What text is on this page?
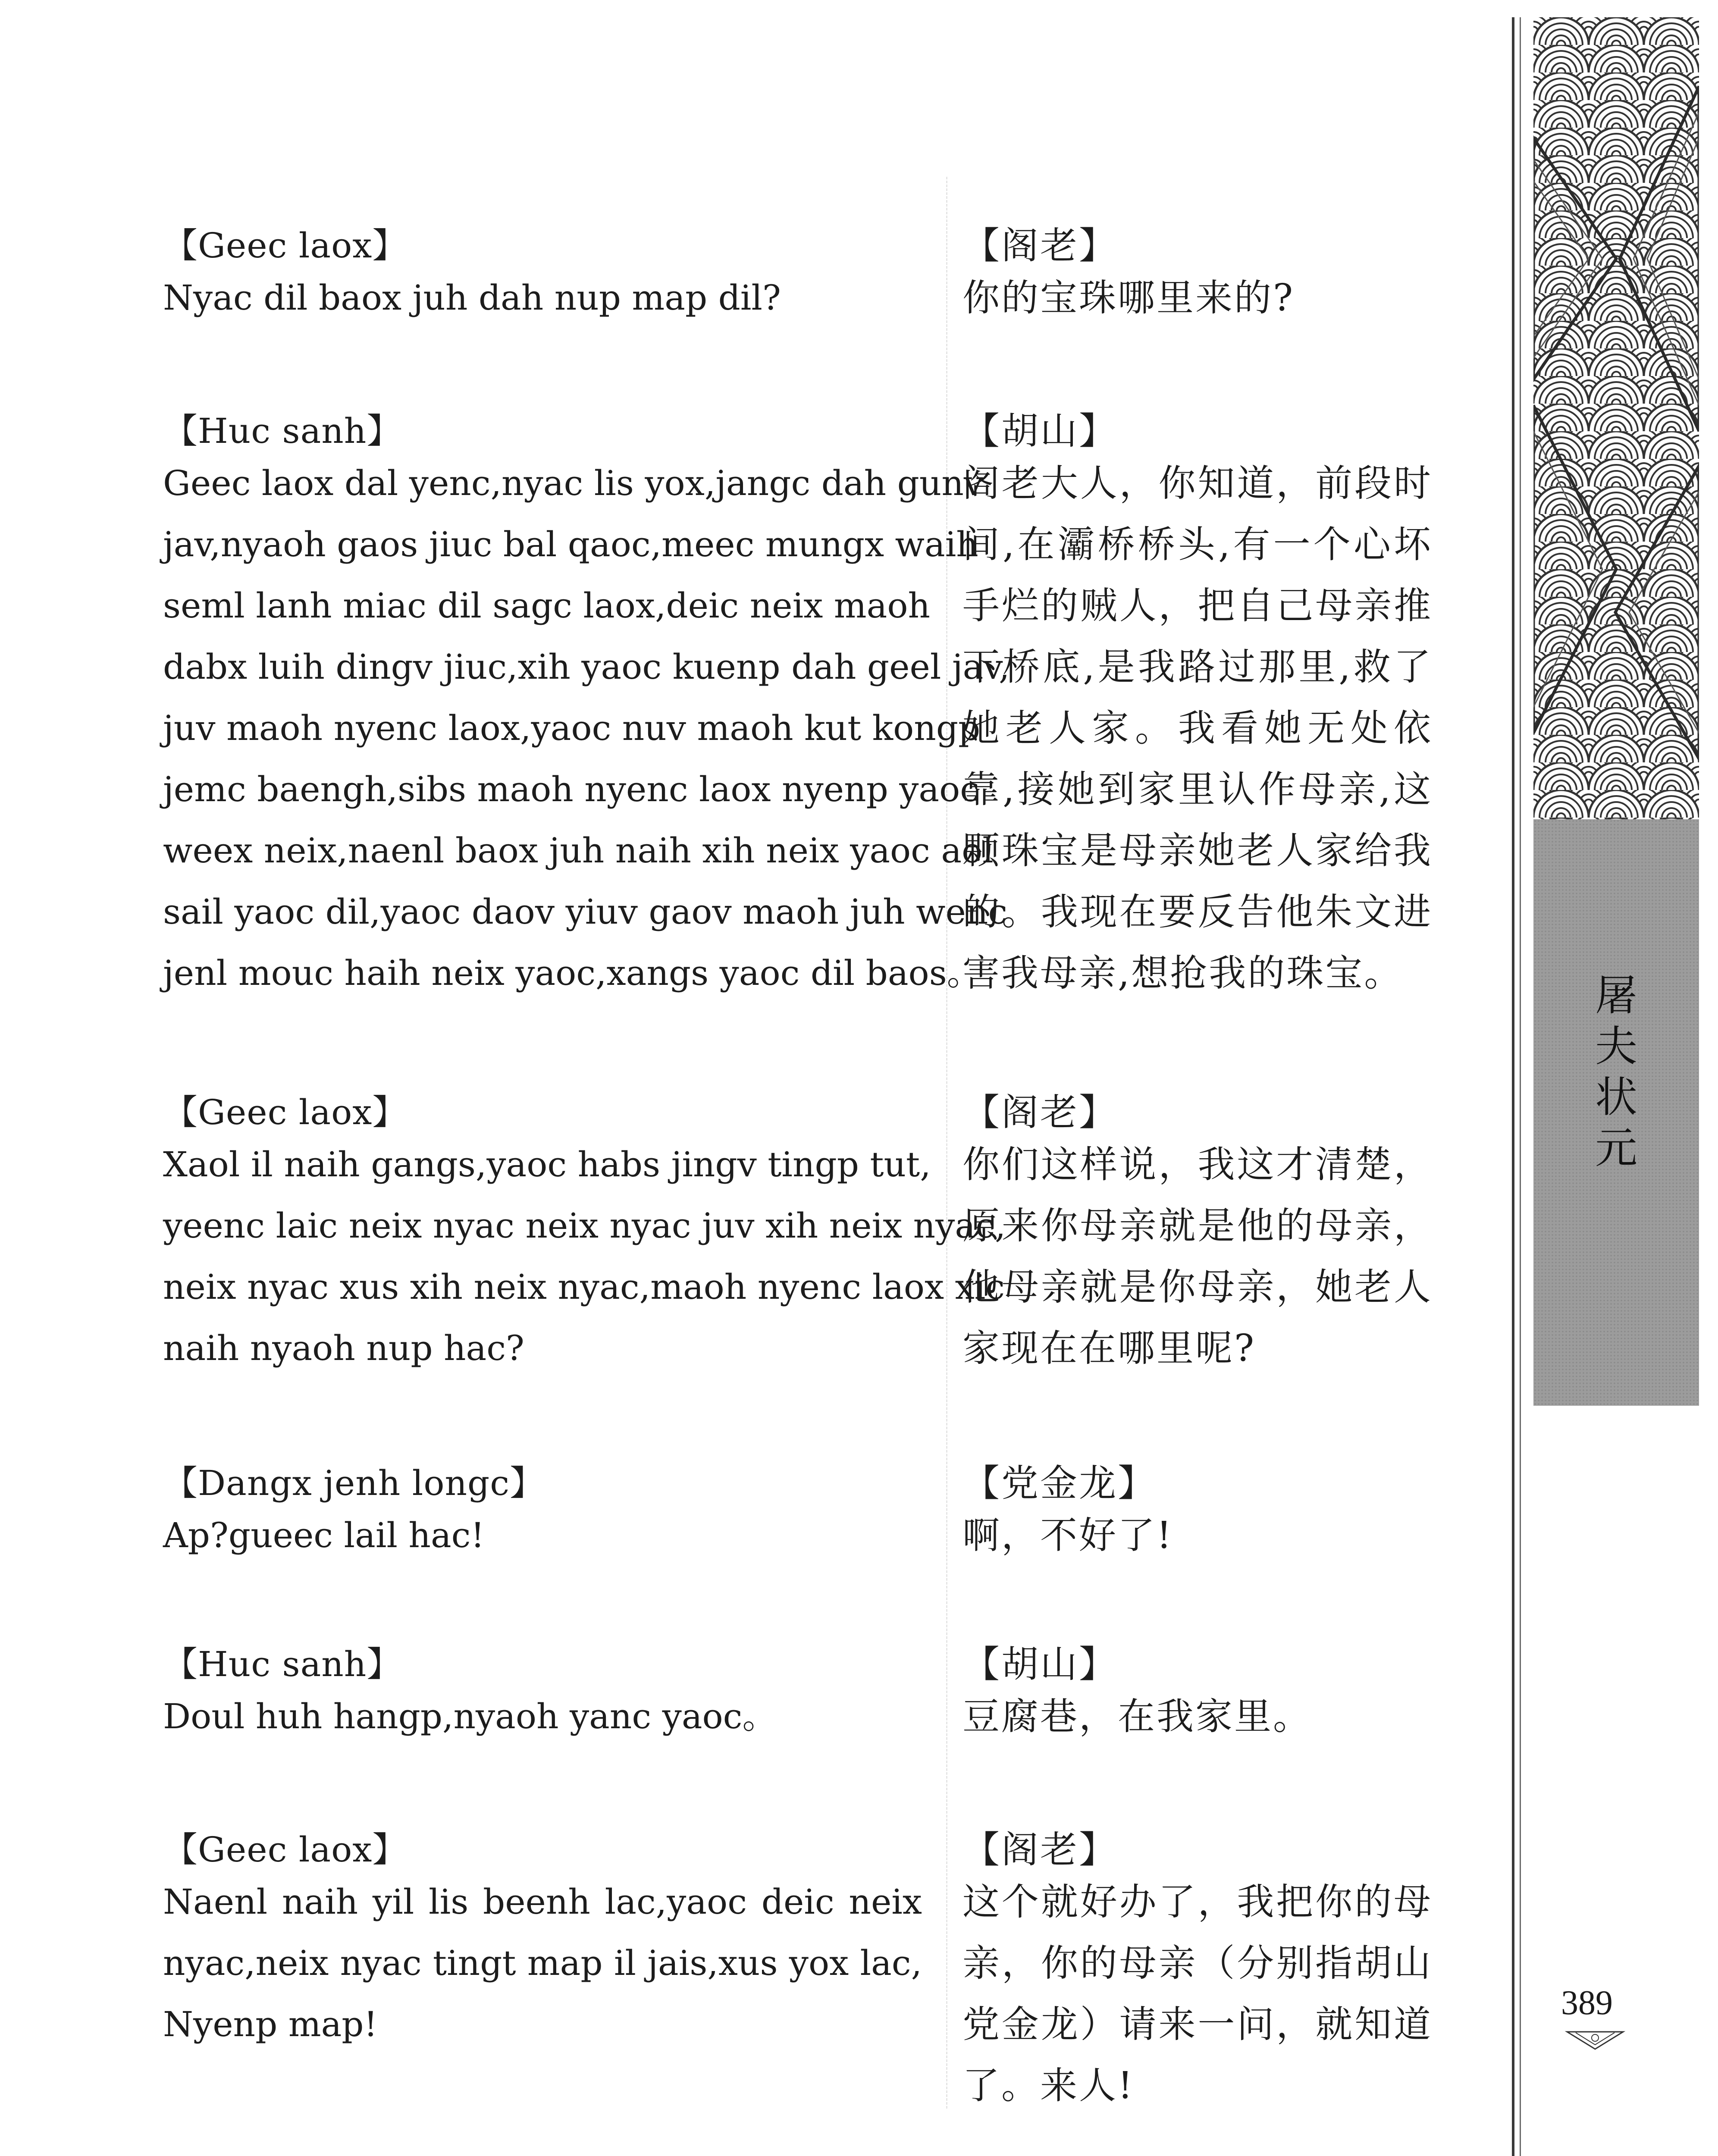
【Geec laox】
Nyac dil baox juh dah nup map dil?
【Huc sanh】
Geec laox dal yenc,nyac lis yox,jangc dah gunv
jav,nyaoh gaos jiuc bal qaoc,meec mungx waih
seml lanh miac dil sagc laox,deic neix maoh
dabx luih dingv jiuc,xih yaoc kuenp dah geel jav,
juv maoh nyenc laox,yaoc nuv maoh kut kongp
jemc baengh,sibs maoh nyenc laox nyenp yaoc
weex neix,naenl baox juh naih xih neix yaoc aol
sail yaoc dil,yaoc daov yiuv gaov maoh juh wenc
jenl mouc haih neix yaoc,xangs yaoc dil baos。
【Geec laox】
Xaol il naih gangs,yaoc habs jingv tingp tut,
yeenc laic neix nyac neix nyac juv xih neix nyac,
neix nyac xus xih neix nyac,maoh nyenc laox xic
naih nyaoh nup hac?
【Dangx jenh longc】
Ap?gueec lail hac!
【Huc sanh】
Doul huh hangp,nyaoh yanc yaoc。
【Geec laox】
Naenl naih yil lis beenh lac,yaoc deic neix
nyac,neix nyac tingt map il jais,xus yox lac,
Nyenp map!
【阁老】
你的宝珠哪里来的?
【胡山】
阁老大人，你知道，前段时
间,在灞桥桥头,有一个心坏
手烂的贼人，把自己母亲推
下桥底,是我路过那里,救了
她老人家。我看她无处依
靠,接她到家里认作母亲,这
颗珠宝是母亲她老人家给我
的。我现在要反告他朱文进
害我母亲,想抢我的珠宝。
【阁老】
你们这样说，我这才清楚，
原来你母亲就是他的母亲，
他母亲就是你母亲，她老人
家现在在哪里呢?
【党金龙】
啊，不好了!
【胡山】
豆腐巷，在我家里。
【阁老】
这个就好办了，我把你的母
亲，你的母亲（分别指胡山
党金龙）请来一问，就知道
了。来人!
屠
夫
状
元
389
